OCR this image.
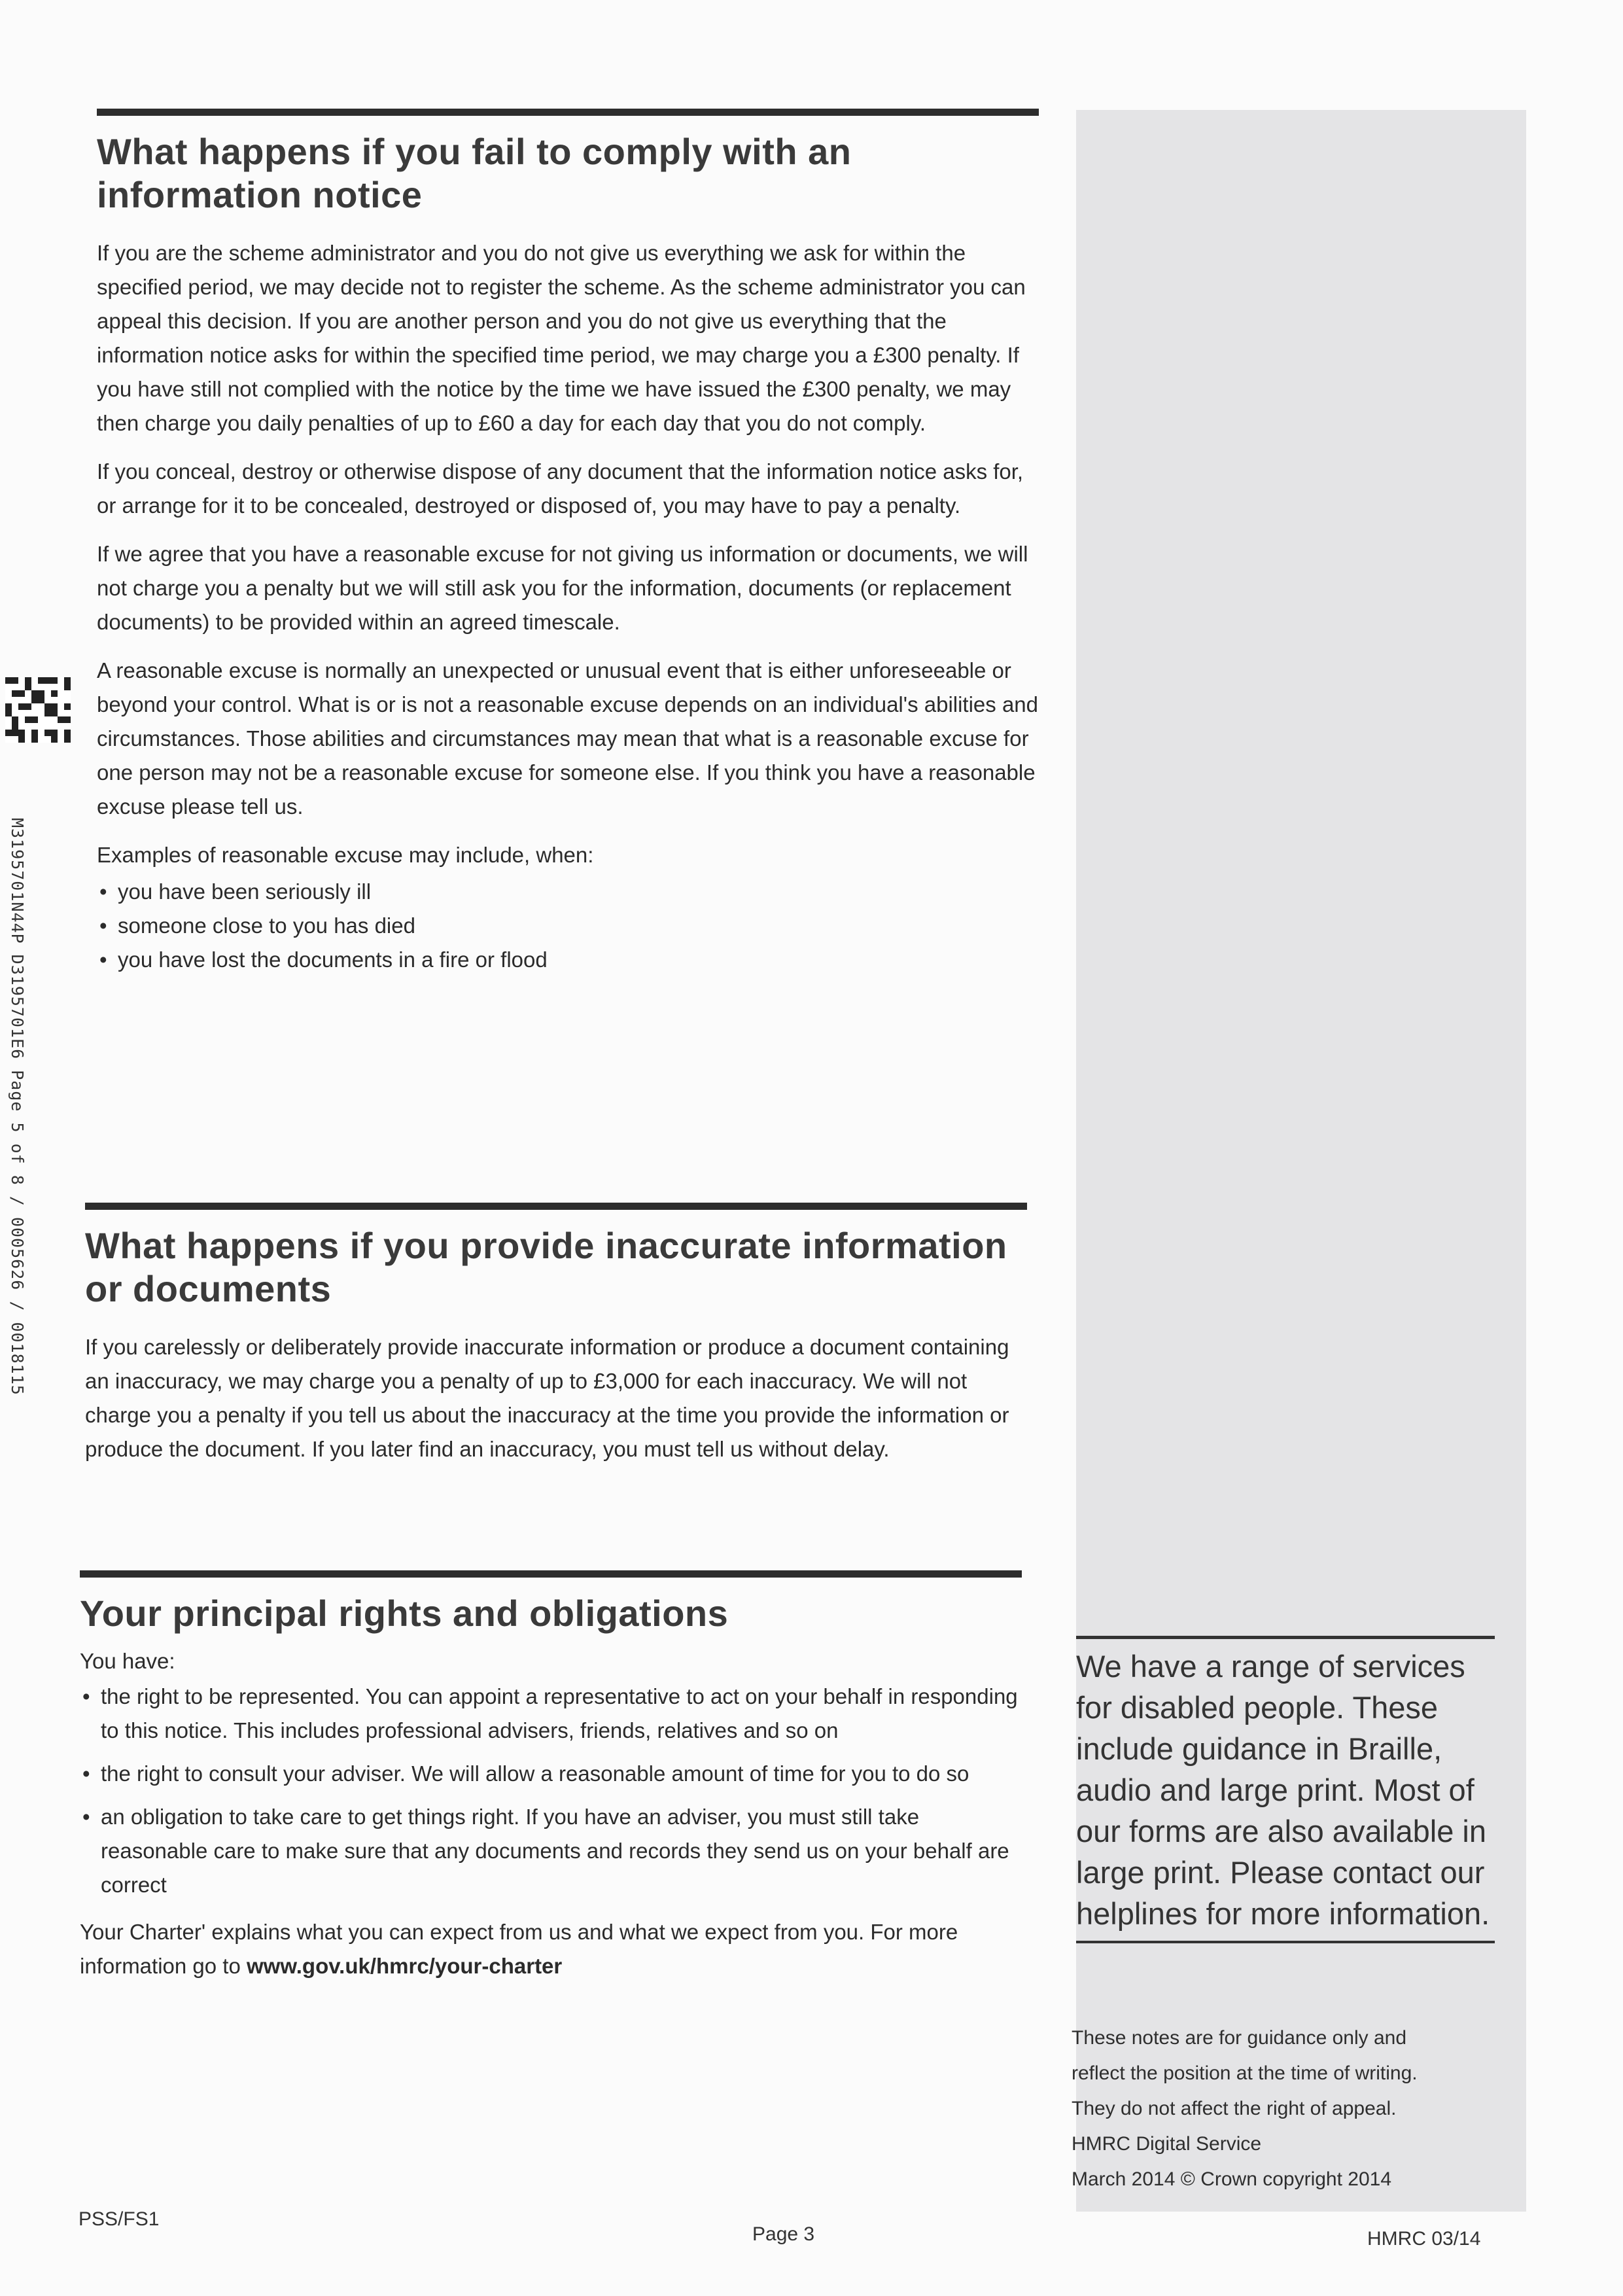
M3195701N44P D3195701E6 Page 5 of 8 / 0005626 / 0018115
What happens if you fail to comply with an information notice

If you are the scheme administrator and you do not give us everything we ask for within the specified period, we may decide not to register the scheme. As the scheme administrator you can appeal this decision. If you are another person and you do not give us everything that the information notice asks for within the specified time period, we may charge you a £300 penalty. If you have still not complied with the notice by the time we have issued the £300 penalty, we may then charge you daily penalties of up to £60 a day for each day that you do not comply.

If you conceal, destroy or otherwise dispose of any document that the information notice asks for, or arrange for it to be concealed, destroyed or disposed of, you may have to pay a penalty.

If we agree that you have a reasonable excuse for not giving us information or documents, we will not charge you a penalty but we will still ask you for the information, documents (or replacement documents) to be provided within an agreed timescale.

A reasonable excuse is normally an unexpected or unusual event that is either unforeseeable or beyond your control. What is or is not a reasonable excuse depends on an individual's abilities and circumstances. Those abilities and circumstances may mean that what is a reasonable excuse for one person may not be a reasonable excuse for someone else. If you think you have a reasonable excuse please tell us.

Examples of reasonable excuse may include, when:

• you have been seriously ill
• someone close to you has died
• you have lost the documents in a fire or flood
What happens if you provide inaccurate information or documents

If you carelessly or deliberately provide inaccurate information or produce a document containing an inaccuracy, we may charge you a penalty of up to £3,000 for each inaccuracy. We will not charge you a penalty if you tell us about the inaccuracy at the time you provide the information or produce the document. If you later find an inaccuracy, you must tell us without delay.

Your principal rights and obligations

You have:

• the right to be represented. You can appoint a representative to act on your behalf in responding to this notice. This includes professional advisers, friends, relatives and so on
• the right to consult your adviser. We will allow a reasonable amount of time for you to do so
• an obligation to take care to get things right. If you have an adviser, you must still take reasonable care to make sure that any documents and records they send us on your behalf are correct

Your Charter' explains what you can expect from us and what we expect from you. For more information go to www.gov.uk/hmrc/your-charter

We have a range of services for disabled people. These include guidance in Braille, audio and large print. Most of our forms are also available in large print. Please contact our helplines for more information.

These notes are for guidance only and
reflect the position at the time of writing.
They do not affect the right of appeal.
HMRC Digital Service
March 2014 © Crown copyright 2014
PSS/FS1
Page 3	HMRC 03/14
